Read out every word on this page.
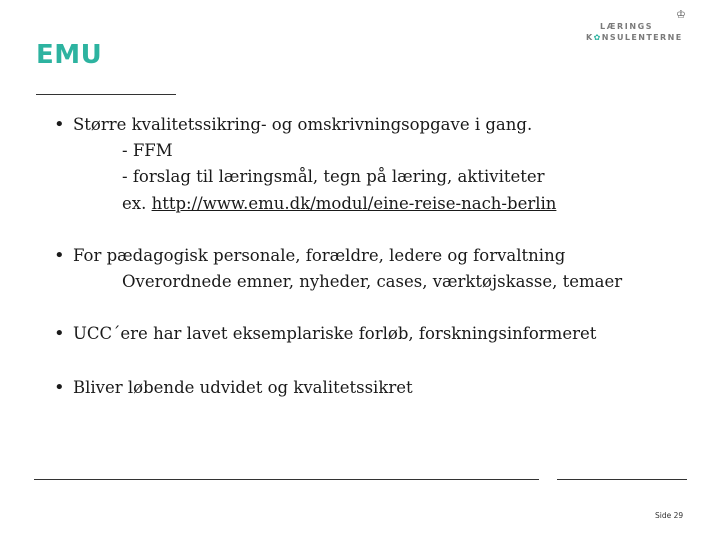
EMU
♔
LÆRINGS
K✿NSULENTERNE
• Større kvalitetssikring- og omskrivningsopgave i gang.
- FFM
- forslag til læringsmål, tegn på læring, aktiviteter
ex. http://www.emu.dk/modul/eine-reise-nach-berlin
• For pædagogisk personale, forældre, ledere og forvaltning
Overordnede emner, nyheder, cases, værktøjskasse, temaer
• UCC´ere har lavet eksemplariske forløb, forskningsinformeret
• Bliver løbende udvidet og kvalitetssikret
Side 29
